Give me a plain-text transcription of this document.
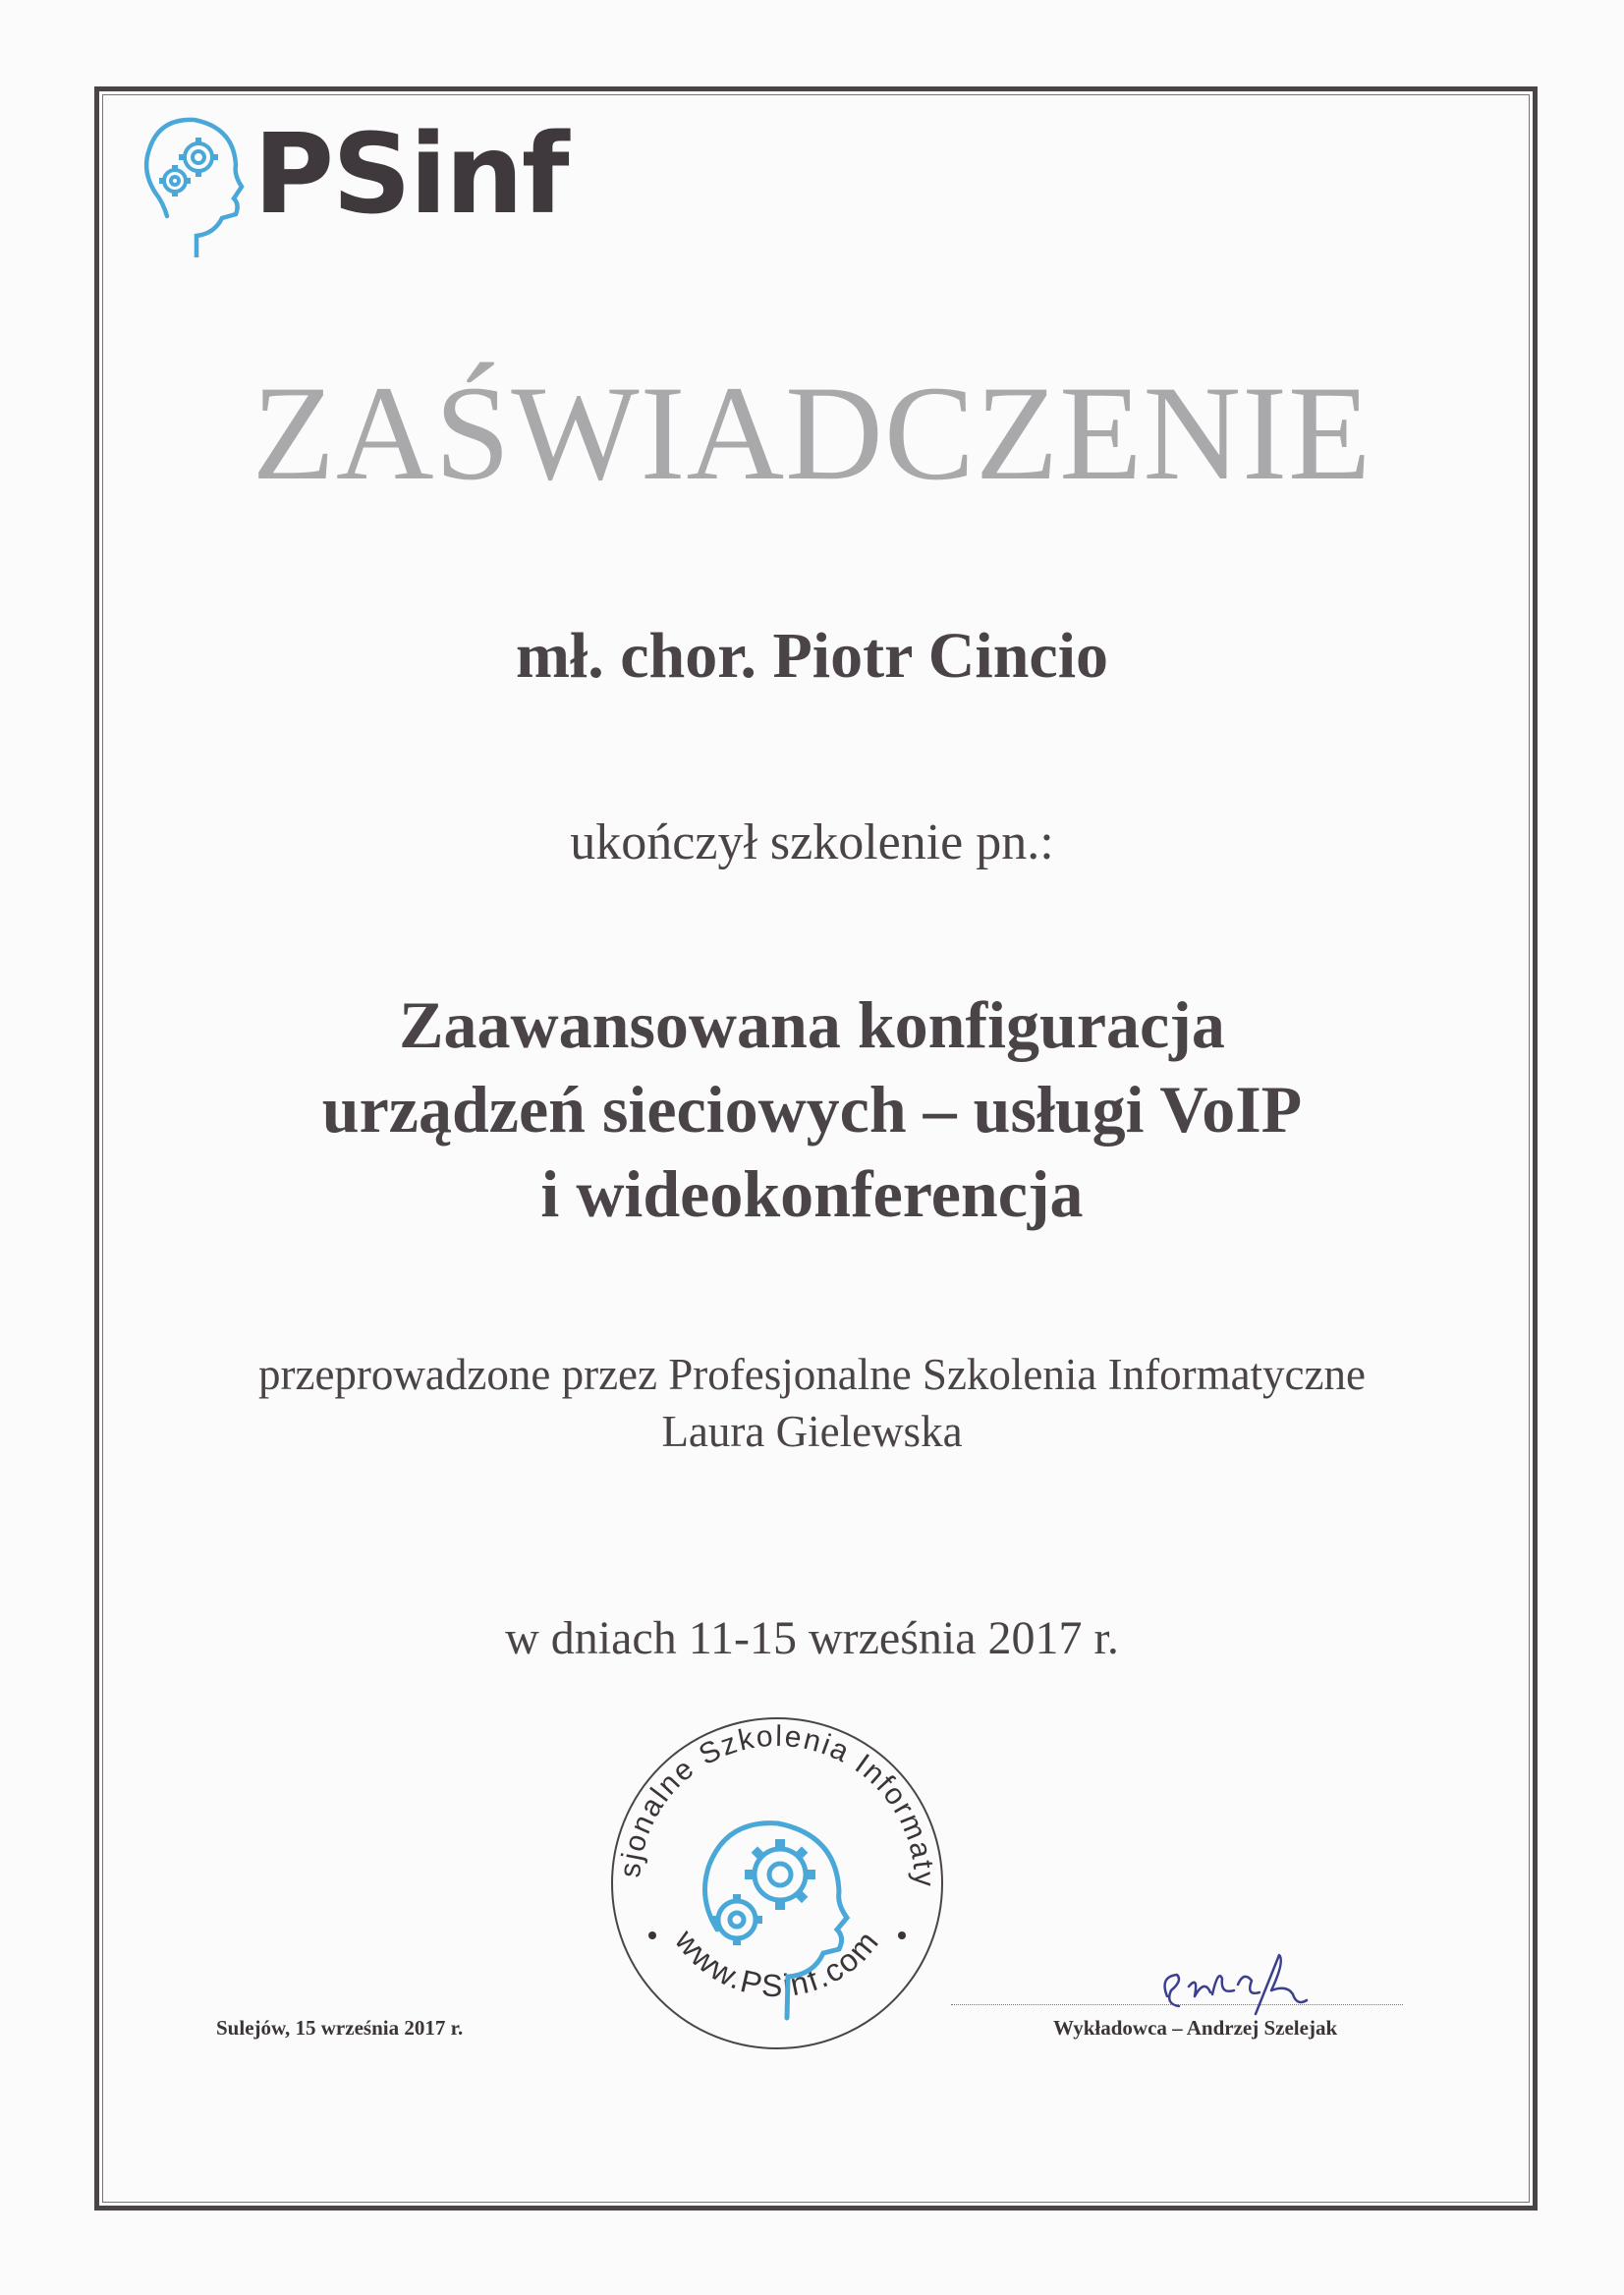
PSinf
ZAŚWIADCZENIE
mł. chor. Piotr Cincio
ukończył szkolenie pn.:
Zaawansowana konfiguracja
urządzeń sieciowych – usługi VoIP
i wideokonferencja
przeprowadzone przez Profesjonalne Szkolenia Informatyczne
Laura Gielewska
w dniach 11-15 września 2017 r.
sjonalne Szkolenia Informaty
www.PSinf.com
Sulejów, 15 września 2017 r.	Wykładowca – Andrzej Szelejak
